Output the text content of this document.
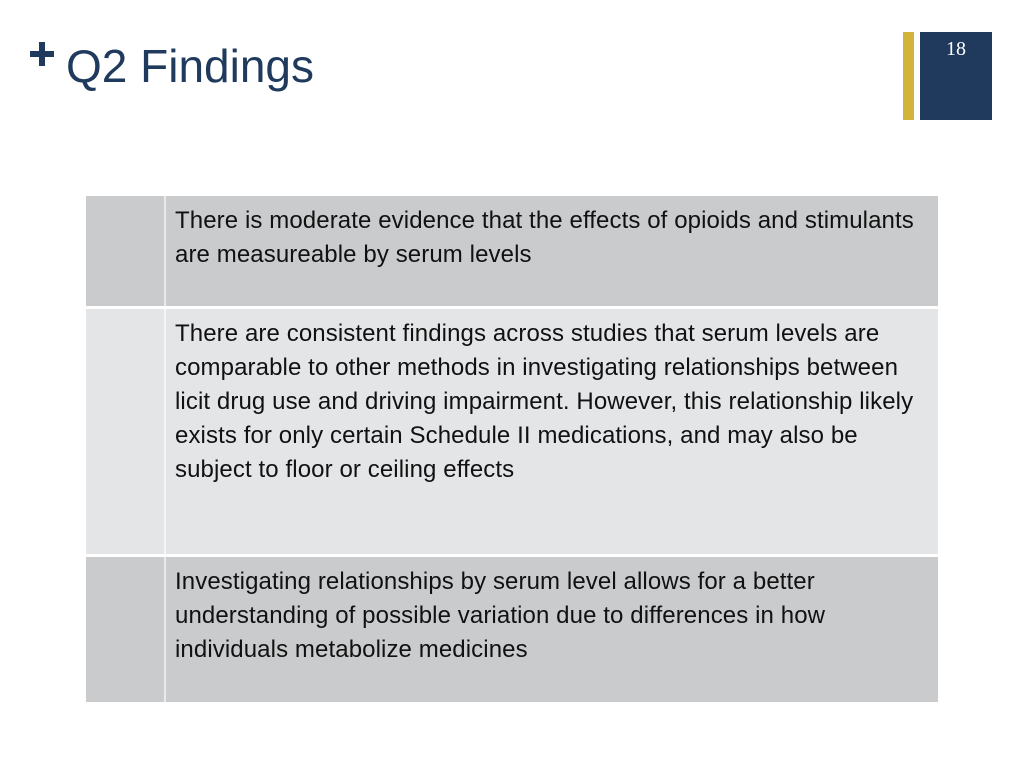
Q2 Findings	18
There is moderate evidence that the effects of opioids and stimulants are measureable by serum levels
There are consistent findings across studies that serum levels are comparable to other methods in investigating relationships between licit drug use and driving impairment. However, this relationship likely exists for only certain Schedule II medications, and may also be subject to floor or ceiling effects
Investigating relationships by serum level allows for a better understanding of possible variation due to differences in how individuals metabolize medicines
